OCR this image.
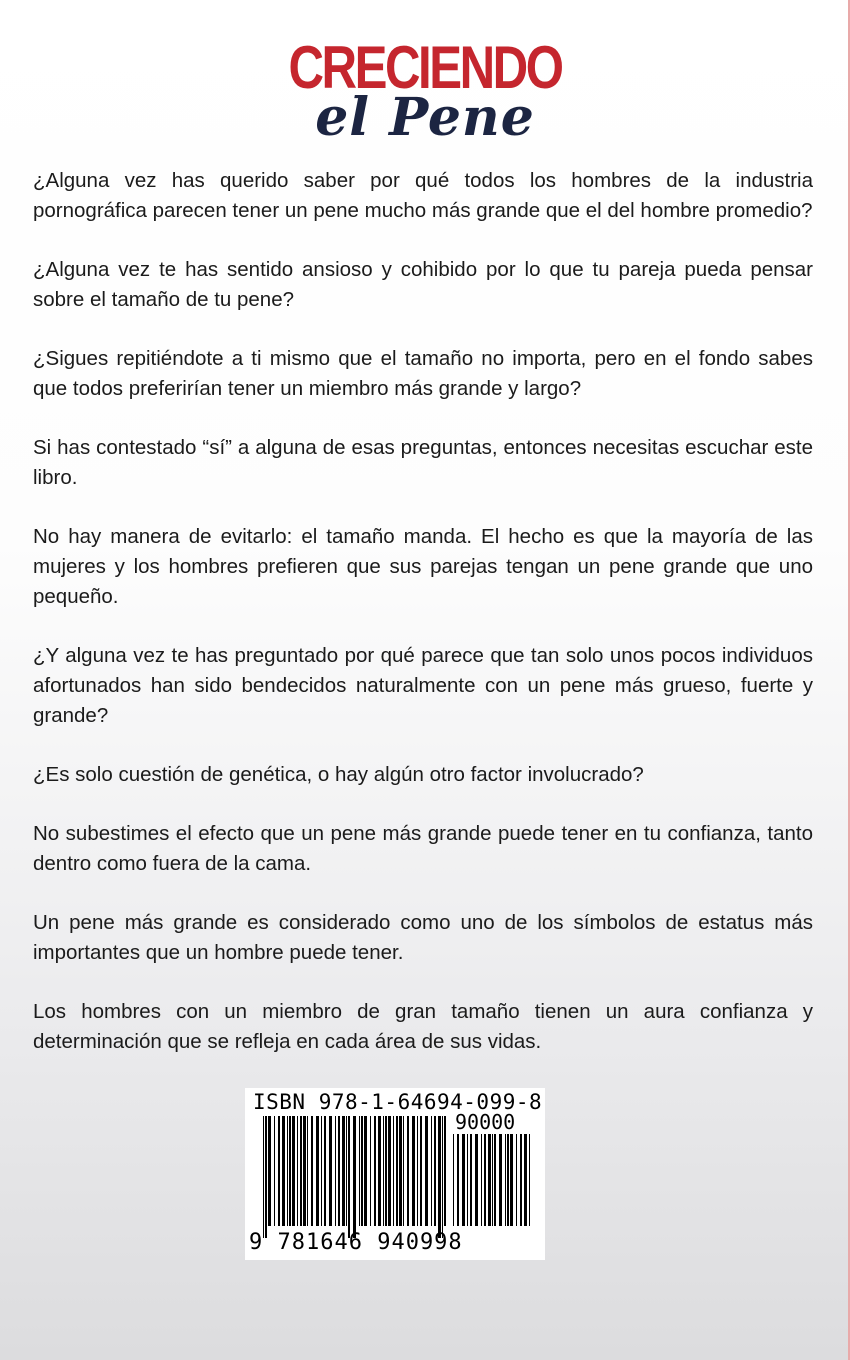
CRECIENDO
el Pene

¿Alguna vez has querido saber por qué todos los hombres de la industria pornográfica parecen tener un pene mucho más grande que el del hombre promedio?

¿Alguna vez te has sentido ansioso y cohibido por lo que tu pareja pueda pensar sobre el tamaño de tu pene?

¿Sigues repitiéndote a ti mismo que el tamaño no importa, pero en el fondo sabes que todos preferirían tener un miembro más grande y largo?

Si has contestado “sí” a alguna de esas preguntas, entonces necesitas escuchar este libro.

No hay manera de evitarlo: el tamaño manda. El hecho es que la mayoría de las mujeres y los hombres prefieren que sus parejas tengan un pene grande que uno pequeño.

¿Y alguna vez te has preguntado por qué parece que tan solo unos pocos individuos afortunados han sido bendecidos naturalmente con un pene más grueso, fuerte y grande?

¿Es solo cuestión de genética, o hay algún otro factor involucrado?

No subestimes el efecto que un pene más grande puede tener en tu confianza, tanto dentro como fuera de la cama.

Un pene más grande es considerado como uno de los símbolos de estatus más importantes que un hombre puede tener.

Los hombres con un miembro de gran tamaño tienen un aura confianza y determinación que se refleja en cada área de sus vidas.

ISBN 978-1-64694-099-8
90000
9 781646 940998
